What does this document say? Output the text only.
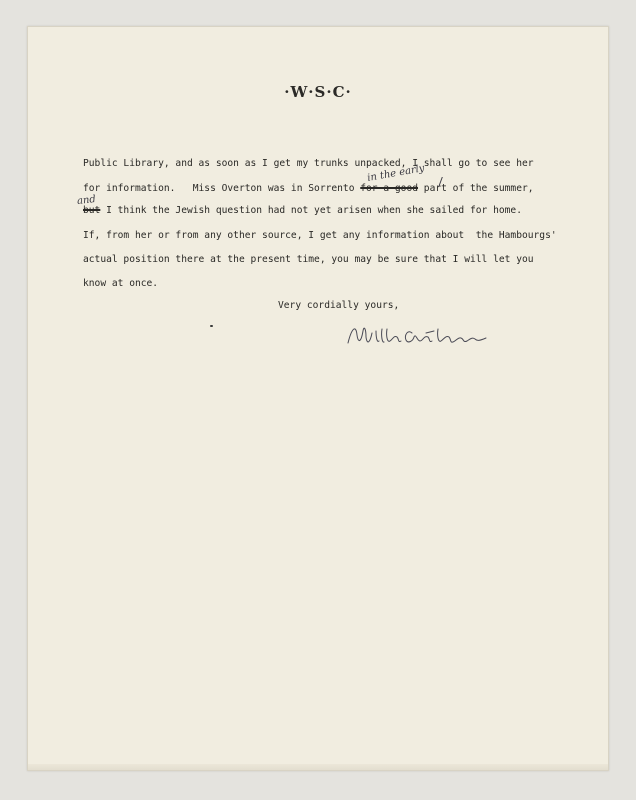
·W·S·C·
Public Library, and as soon as I get my trunks unpacked, I shall go to see her
for information.   Miss Overton was in Sorrento for a good part of the summer,
in the early
and
but I think the Jewish question had not yet arisen when she sailed for home.
If, from her or from any other source, I get any information about  the Hambourgs'
actual position there at the present time, you may be sure that I will let you
know at once.
Very cordially yours,
